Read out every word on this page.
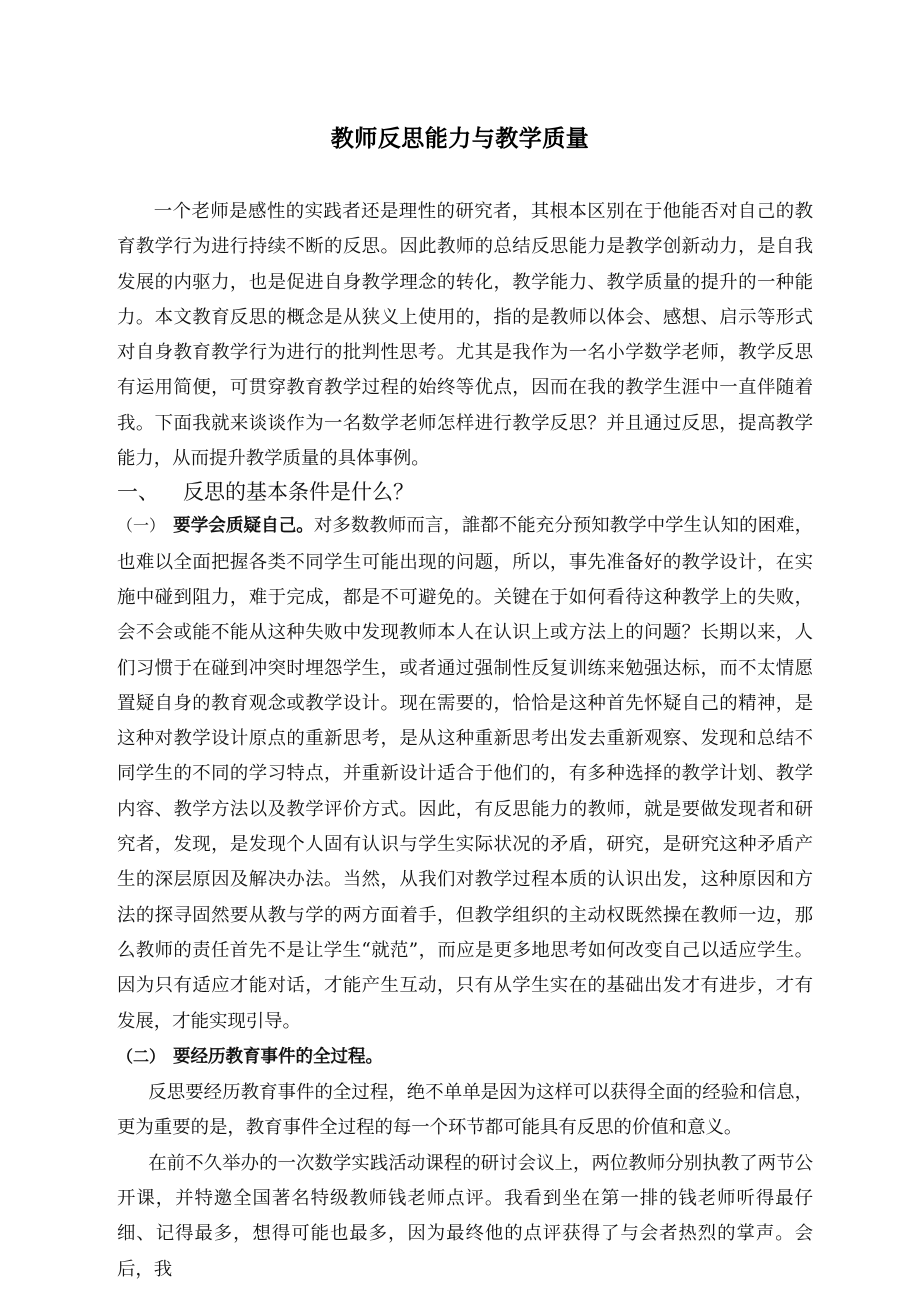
教师反思能力与教学质量

一个老师是感性的实践者还是理性的研究者，其根本区别在于他能否对自己的教育教学行为进行持续不断的反思。因此教师的总结反思能力是教学创新动力，是自我发展的内驱力，也是促进自身教学理念的转化，教学能力、教学质量的提升的一种能力。本文教育反思的概念是从狭义上使用的，指的是教师以体会、感想、启示等形式对自身教育教学行为进行的批判性思考。尤其是我作为一名小学数学老师，教学反思有运用简便，可贯穿教育教学过程的始终等优点，因而在我的教学生涯中一直伴随着我。下面我就来谈谈作为一名数学老师怎样进行教学反思？并且通过反思，提高教学能力，从而提升教学质量的具体事例。

一、 反思的基本条件是什么？

（一） 要学会质疑自己。对多数教师而言，誰都不能充分预知教学中学生认知的困难，也难以全面把握各类不同学生可能出现的问题，所以，事先准备好的教学设计，在实施中碰到阻力，难于完成，都是不可避免的。关键在于如何看待这种教学上的失败，会不会或能不能从这种失败中发现教师本人在认识上或方法上的问题？长期以来，人们习惯于在碰到冲突时埋怨学生，或者通过强制性反复训练来勉强达标，而不太情愿置疑自身的教育观念或教学设计。现在需要的，恰恰是这种首先怀疑自己的精神，是这种对教学设计原点的重新思考，是从这种重新思考出发去重新观察、发现和总结不同学生的不同的学习特点，并重新设计适合于他们的，有多种选择的教学计划、教学内容、教学方法以及教学评价方式。因此，有反思能力的教师，就是要做发现者和研究者，发现，是发现个人固有认识与学生实际状况的矛盾，研究，是研究这种矛盾产生的深层原因及解决办法。当然，从我们对教学过程本质的认识出发，这种原因和方法的探寻固然要从教与学的两方面着手，但教学组织的主动权既然操在教师一边，那么教师的责任首先不是让学生“就范”，而应是更多地思考如何改变自己以适应学生。因为只有适应才能对话，才能产生互动，只有从学生实在的基础出发才有进步，才有发展，才能实现引导。

（二） 要经历教育事件的全过程。

反思要经历教育事件的全过程，绝不单单是因为这样可以获得全面的经验和信息，更为重要的是，教育事件全过程的每一个环节都可能具有反思的价值和意义。

在前不久举办的一次数学实践活动课程的研讨会议上，两位教师分别执教了两节公开课，并特邀全国著名特级教师钱老师点评。我看到坐在第一排的钱老师听得最仔细、记得最多，想得可能也最多，因为最终他的点评获得了与会者热烈的掌声。会后，我
